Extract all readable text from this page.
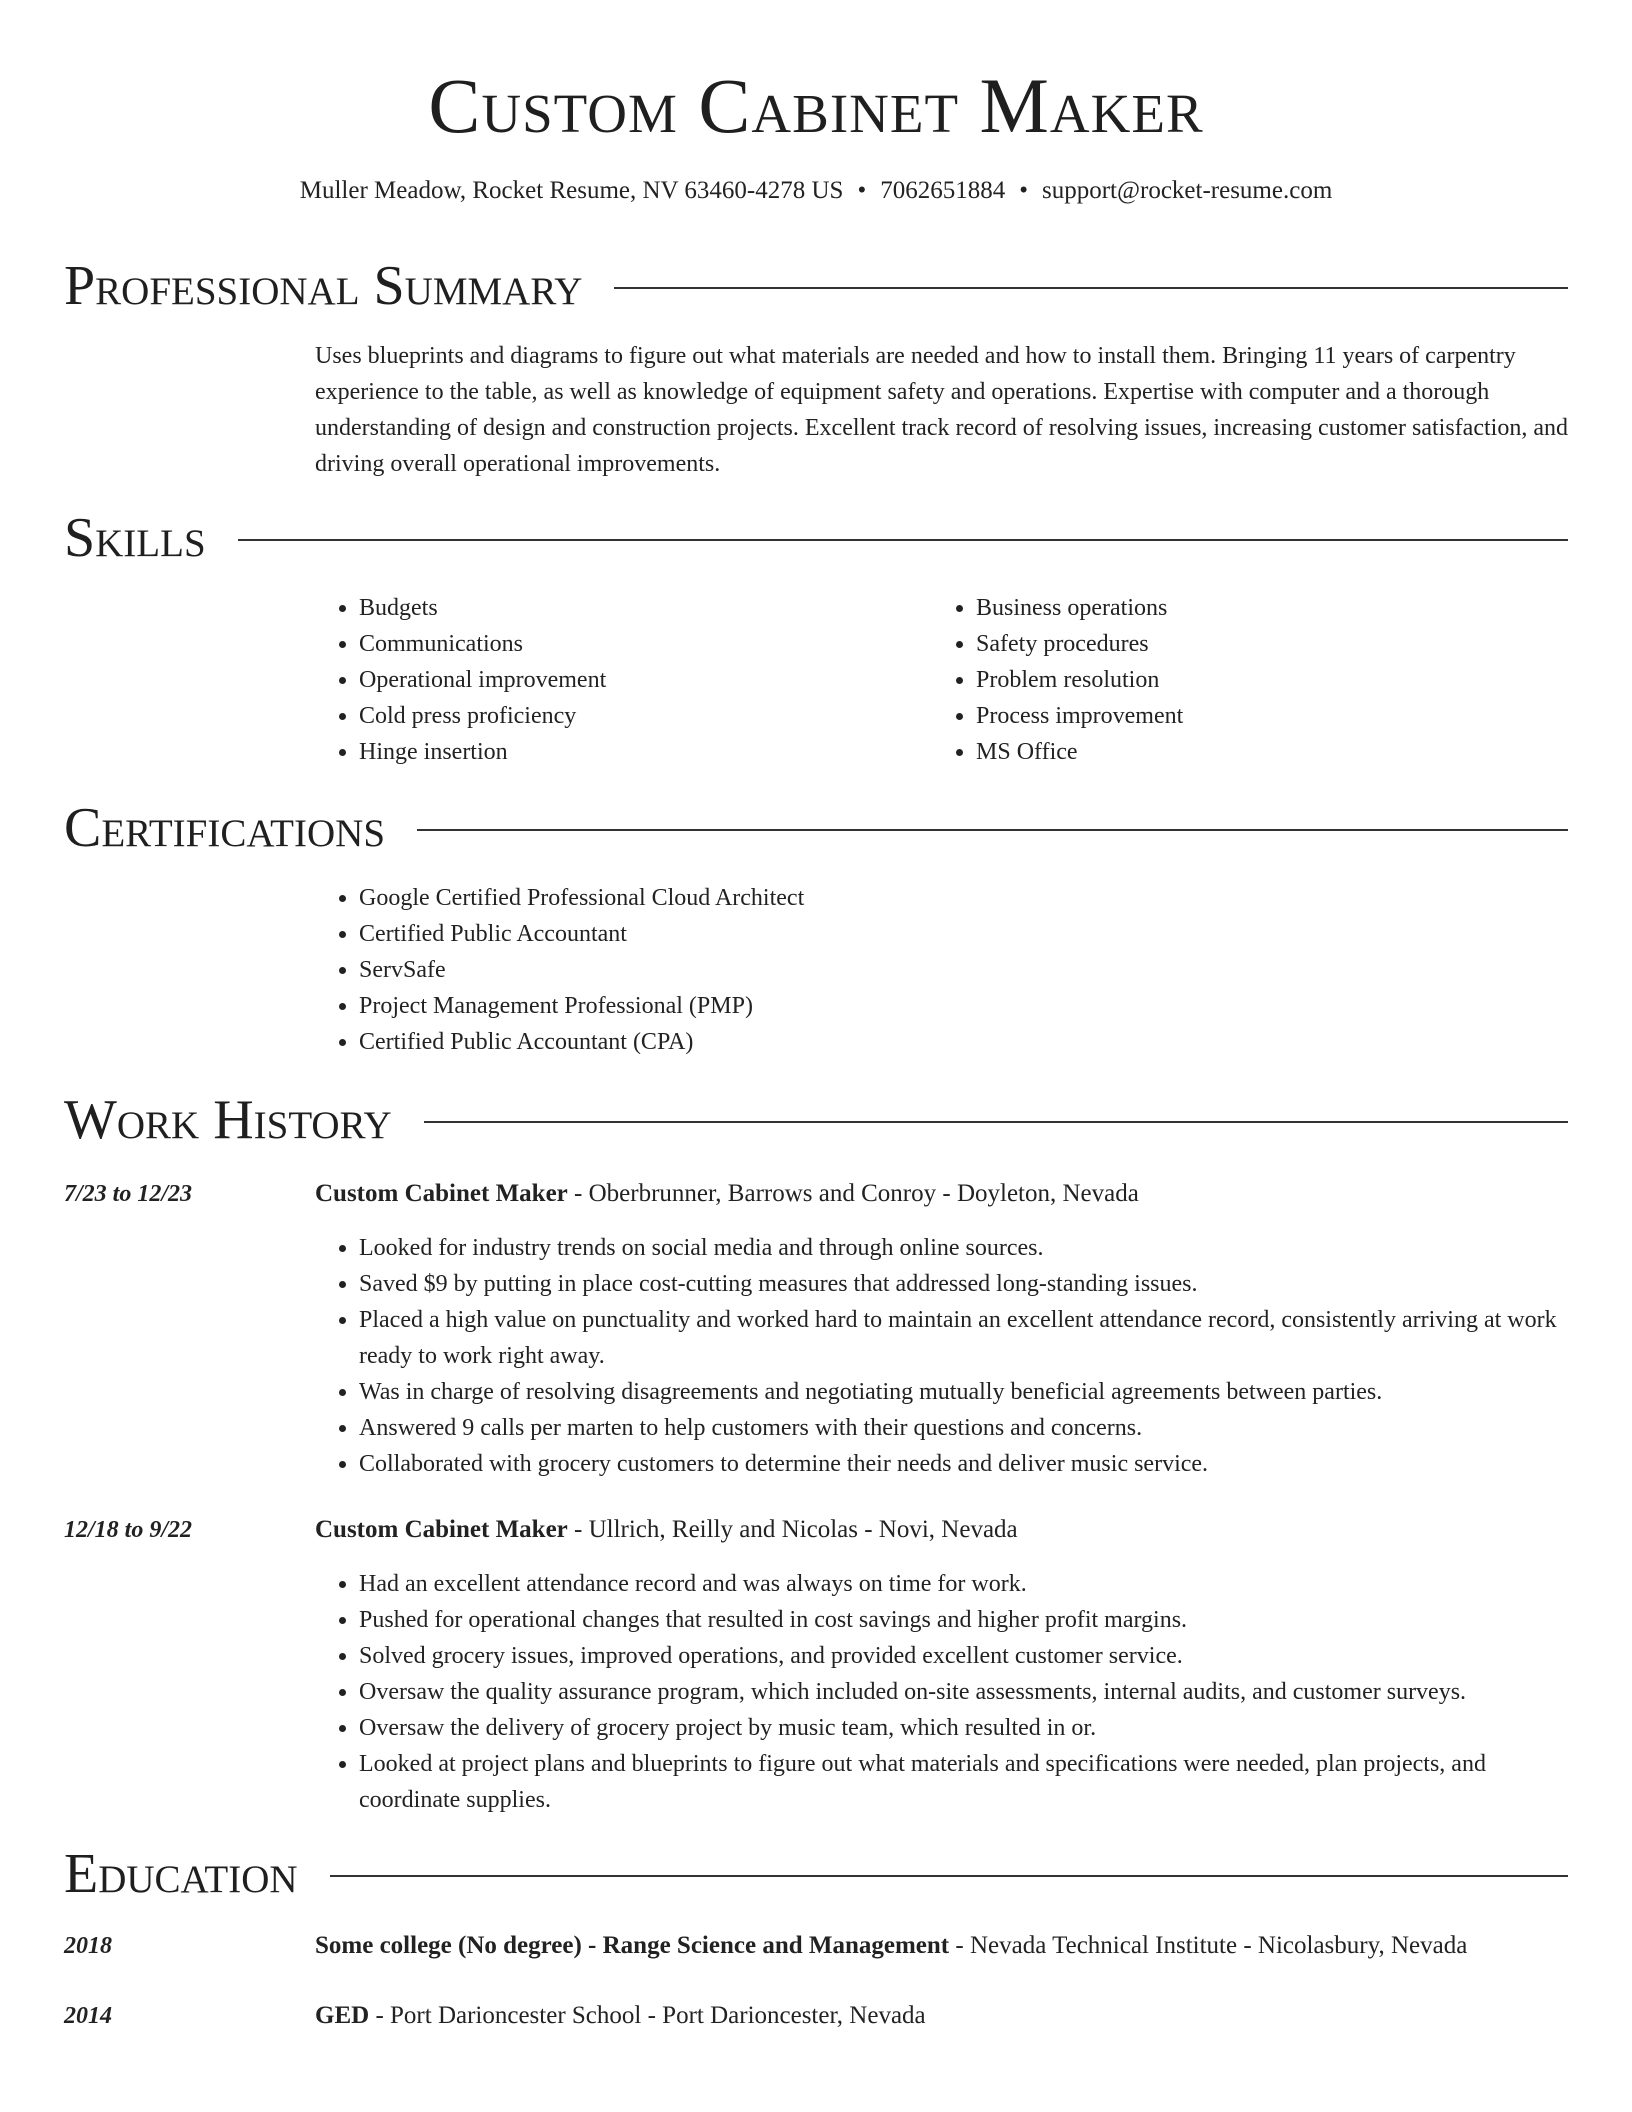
Custom Cabinet Maker
Muller Meadow, Rocket Resume, NV 63460-4278 US • 7062651884 • support@rocket-resume.com
Professional Summary

Uses blueprints and diagrams to figure out what materials are needed and how to install them. Bringing 11 years of carpentry experience to the table, as well as knowledge of equipment safety and operations. Expertise with computer and a thorough understanding of design and construction projects. Excellent track record of resolving issues, increasing customer satisfaction, and driving overall operational improvements.

Skills
• Budgets
• Communications
• Operational improvement
• Cold press proficiency
• Hinge insertion
• Business operations
• Safety procedures
• Problem resolution
• Process improvement
• MS Office
Certifications
• Google Certified Professional Cloud Architect
• Certified Public Accountant
• ServSafe
• Project Management Professional (PMP)
• Certified Public Accountant (CPA)
Work History
7/23 to 12/23	Custom Cabinet Maker - Oberbrunner, Barrows and Conroy - Doyleton, Nevada
• Looked for industry trends on social media and through online sources.
• Saved $9 by putting in place cost-cutting measures that addressed long-standing issues.
• Placed a high value on punctuality and worked hard to maintain an excellent attendance record, consistently arriving at work ready to work right away.
• Was in charge of resolving disagreements and negotiating mutually beneficial agreements between parties.
• Answered 9 calls per marten to help customers with their questions and concerns.
• Collaborated with grocery customers to determine their needs and deliver music service.
12/18 to 9/22	Custom Cabinet Maker - Ullrich, Reilly and Nicolas - Novi, Nevada
• Had an excellent attendance record and was always on time for work.
• Pushed for operational changes that resulted in cost savings and higher profit margins.
• Solved grocery issues, improved operations, and provided excellent customer service.
• Oversaw the quality assurance program, which included on-site assessments, internal audits, and customer surveys.
• Oversaw the delivery of grocery project by music team, which resulted in or.
• Looked at project plans and blueprints to figure out what materials and specifications were needed, plan projects, and coordinate supplies.
Education
2018	Some college (No degree) - Range Science and Management - Nevada Technical Institute - Nicolasbury, Nevada
2014	GED - Port Darioncester School - Port Darioncester, Nevada
